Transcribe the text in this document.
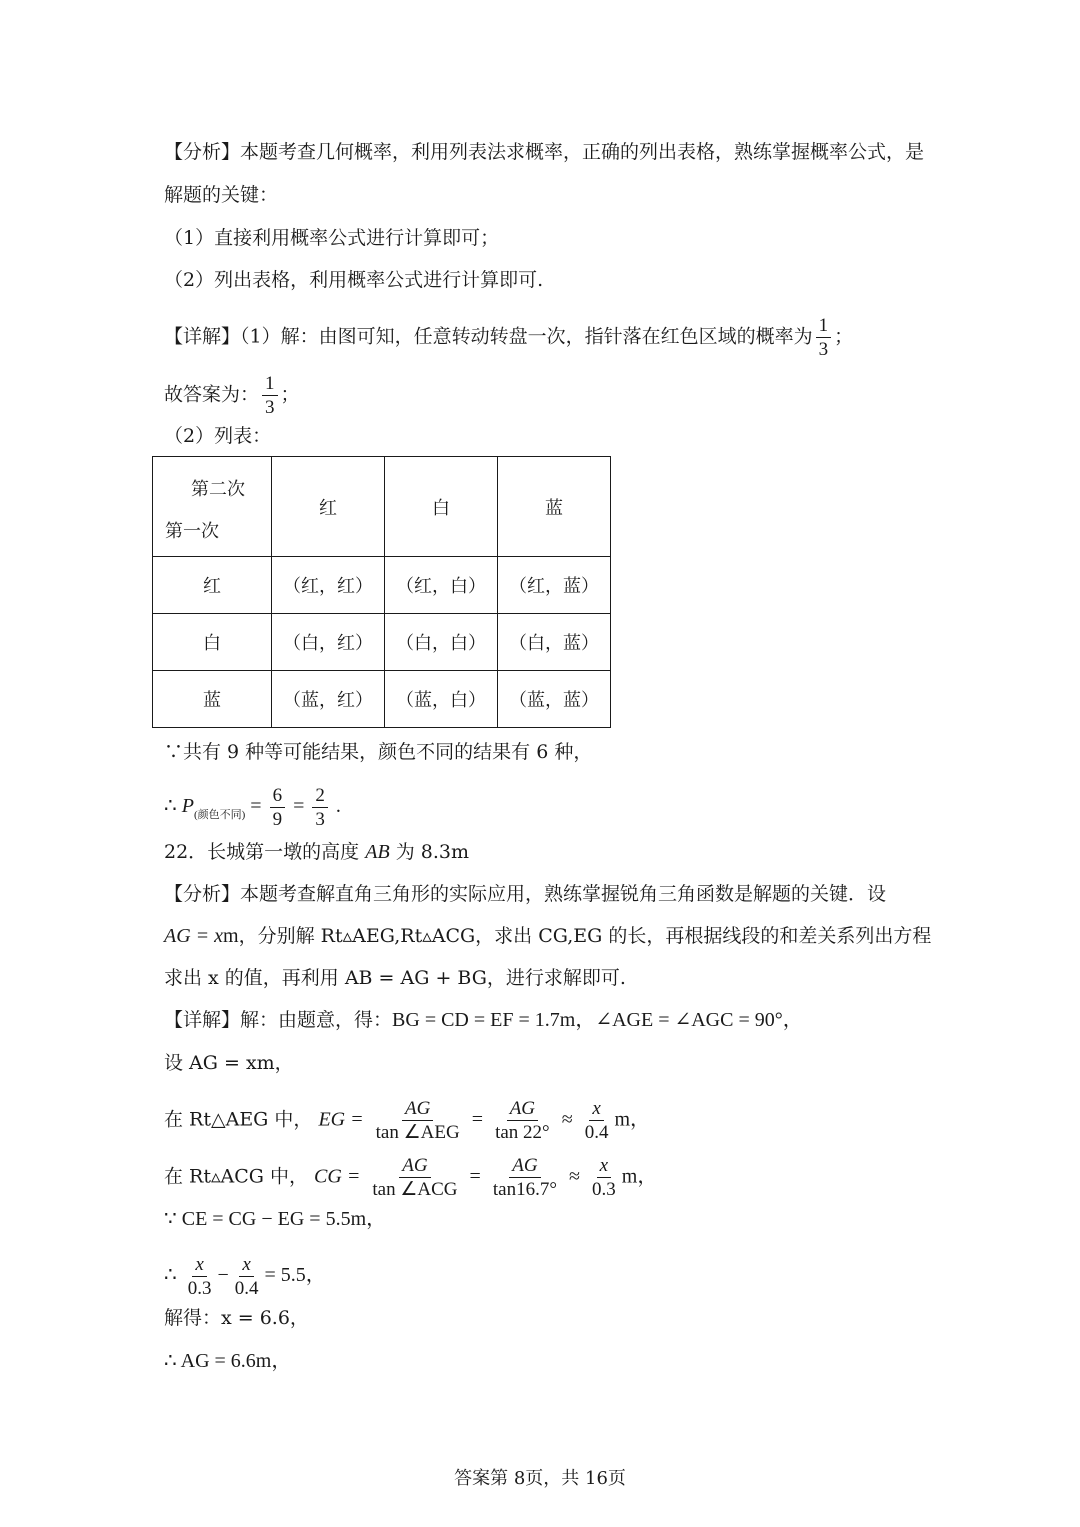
【分析】本题考查几何概率，利用列表法求概率，正确的列出表格，熟练掌握概率公式，是
解题的关键：
（1）直接利用概率公式进行计算即可；
（2）列出表格，利用概率公式进行计算即可.
【详解】（1）解：由图可知，任意转动转盘一次，指针落在红色区域的概率为 $\frac{1}{3}$ ；
故答案为： $\frac{1}{3}$ ；
（2）列表：
第二次
第一次	红	白	蓝
红	（红，红）	（红，白）	（红，蓝）
白	（白，红）	（白，白）	（白，蓝）
蓝	（蓝，红）	（蓝，白）	（蓝，蓝）
∵共有 9 种等可能结果，颜色不同的结果有 6 种，
∴ $P_{(颜色不同)} = \frac{6}{9} = \frac{2}{3}$ .
22．长城第一墩的高度 AB 为 8.3m
【分析】本题考查解直角三角形的实际应用，熟练掌握锐角三角函数是解题的关键．设
AG = xm，分别解 Rt▵AEG,Rt▵ACG，求出 CG,EG 的长，再根据线段的和差关系列出方程
求出 x 的值，再利用 AB = AG + BG，进行求解即可.
【详解】解：由题意，得：BG = CD = EF = 1.7m，∠AGE = ∠AGC = 90°，
设 AG = xm，
在 Rt△AEG 中， EG = $\frac{AG}{\text{tan ∠AEG}} = \frac{AG}{\tan 22^\circ} \approx \frac{x}{0.4}$ m，
在 Rt▵ACG 中， CG = $\frac{AG}{\text{tan ∠ACG}} = \frac{AG}{\tan 16.7^\circ} \approx \frac{x}{0.3}$ m，
∵ CE = CG − EG = 5.5m，
∴ $\frac{x}{0.3} - \frac{x}{0.4} = 5.5$，
解得：x = 6.6，
∴ AG = 6.6m，
答案第 8页，共 16页
